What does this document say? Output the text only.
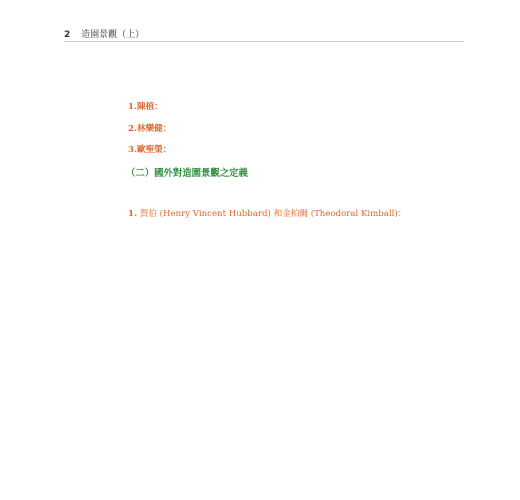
2 造園景觀（上）

1.陳植：
2.林樂健：
3.歐聖榮：
（二）國外對造園景觀之定義

1. 賀伯 (Henry Vincent Hubbard) 和金柏爾 (Theodoral Kimball)：
